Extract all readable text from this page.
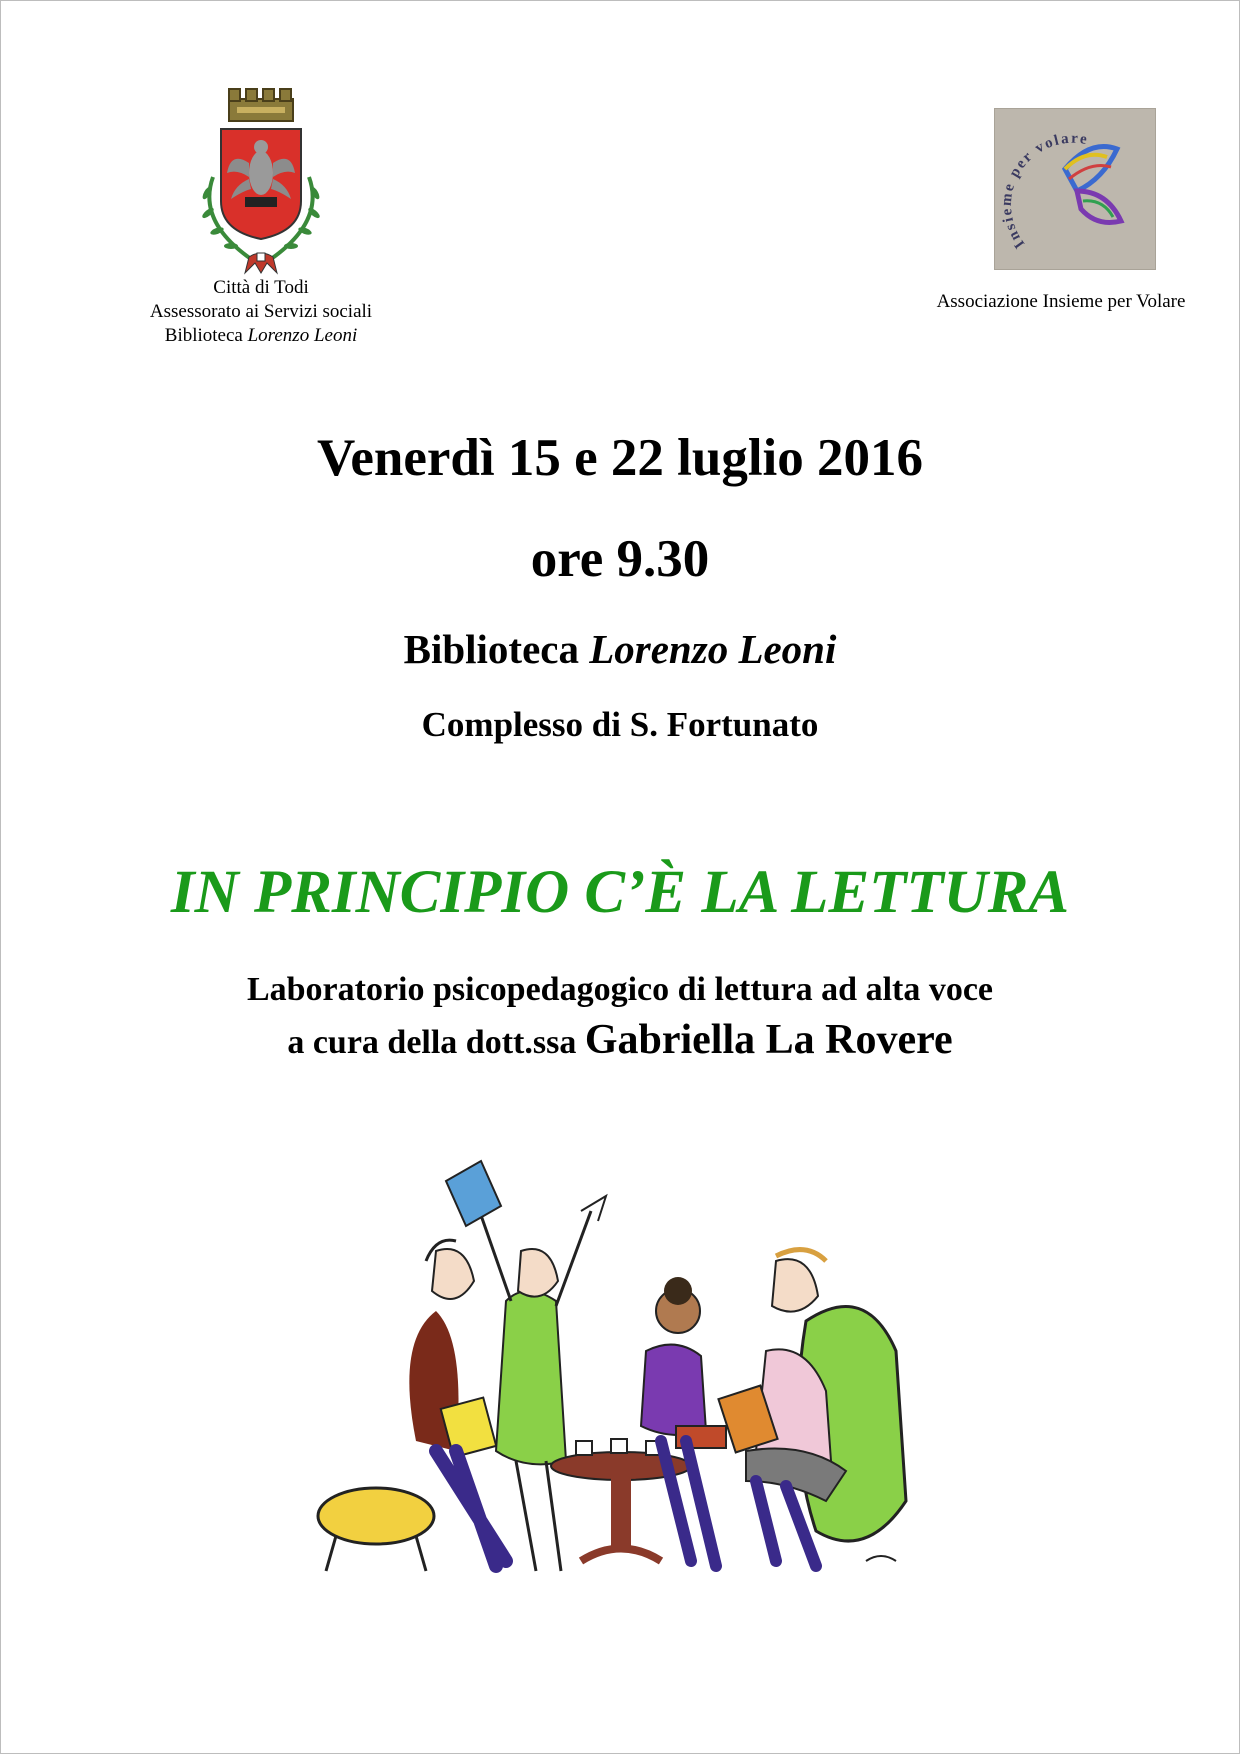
Città di Todi
Assessorato ai Servizi sociali
Biblioteca Lorenzo Leoni
Insieme per volare
Associazione Insieme per Volare
Venerdì 15 e 22 luglio 2016
ore 9.30
Biblioteca Lorenzo Leoni
Complesso di S. Fortunato
IN PRINCIPIO C’È LA LETTURA
Laboratorio psicopedagogico di lettura ad alta voce
a cura della dott.ssa Gabriella La Rovere
